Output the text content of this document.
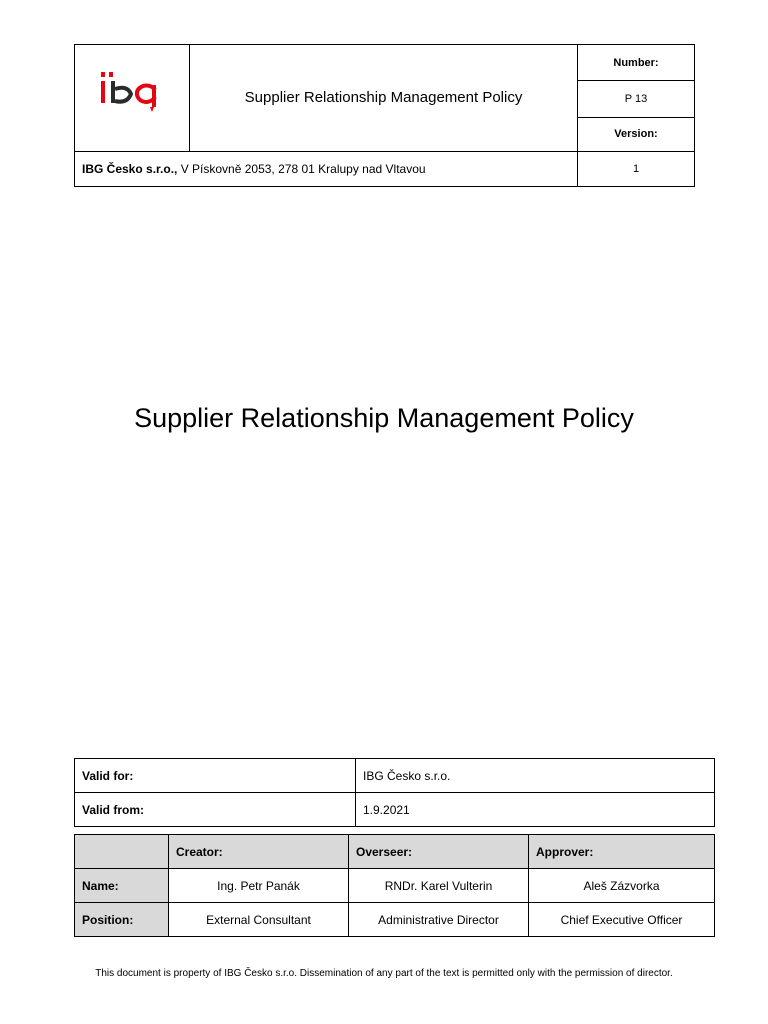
	Supplier Relationship Management Policy	Number:
		P 13
		Version:
IBG Česko s.r.o., V Pískovně 2053, 278 01 Kralupy nad Vltavou		1
Supplier Relationship Management Policy
Valid for:	IBG Česko s.r.o.
Valid from:	1.9.2021
	Creator:	Overseer:	Approver:
Name:	Ing. Petr Panák	RNDr. Karel Vulterin	Aleš Zázvorka
Position:	External Consultant	Administrative Director	Chief Executive Officer
This document is property of IBG Česko s.r.o. Dissemination of any part of the text is permitted only with the permission of director.
